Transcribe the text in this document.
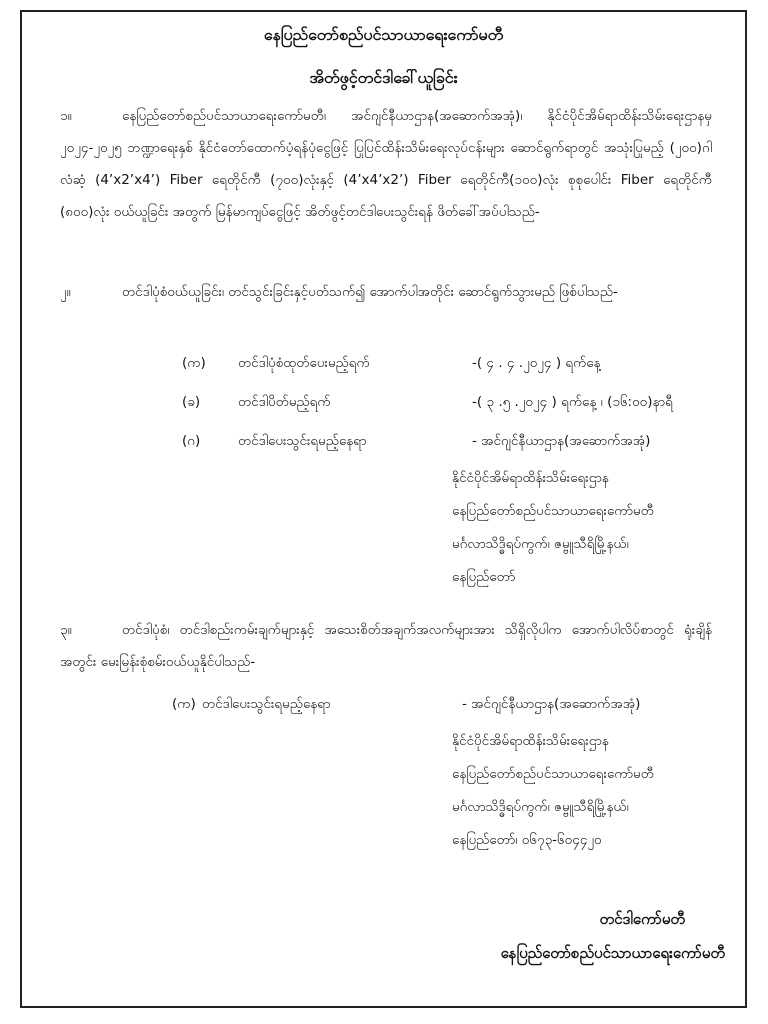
နေပြည်တော်စည်ပင်သာယာရေးကော်မတီ
အိတ်ဖွင့်တင်ဒါခေါ်ယူခြင်း
၁။	နေပြည်တော်စည်ပင်သာယာရေးကော်မတီ၊ အင်ဂျင်နီယာဌာန(အဆောက်အအုံ)၊ နိုင်ငံပိုင်အိမ်ရာထိန်းသိမ်းရေးဌာနမှ ၂၀၂၄-၂၀၂၅ ဘဏ္ဍာရေးနှစ် နိုင်ငံတော်ထောက်ပံ့ရန်ပုံငွေဖြင့် ပြုပြင်ထိန်းသိမ်းရေးလုပ်ငန်းများ ဆောင်ရွက်ရာတွင် အသုံးပြုမည့် (၂၀၀)ဂါလံဆံ့ (4’x2’x4’) Fiber ရေတိုင်ကီ (၇၀၀)လုံးနှင့် (4’x4’x2’) Fiber ရေတိုင်ကီ(၁၀၀)လုံး စုစုပေါင်း Fiber ရေတိုင်ကီ (၈၀၀)လုံး ဝယ်ယူခြင်း အတွက် မြန်မာကျပ်ငွေဖြင့် အိတ်ဖွင့်တင်ဒါပေးသွင်းရန် ဖိတ်ခေါ်အပ်ပါသည်-
၂။	တင်ဒါပုံစံဝယ်ယူခြင်း၊ တင်သွင်းခြင်းနှင့်ပတ်သက်၍ အောက်ပါအတိုင်း ဆောင်ရွက်သွားမည် ဖြစ်ပါသည်-
(က) တင်ဒါပုံစံထုတ်ပေးမည့်ရက်	-( ၄ . ၄ .၂၀၂၄ ) ရက်နေ့
(ခ)	တင်ဒါပိတ်မည့်ရက်	-( ၃ .၅ .၂၀၂၄ ) ရက်နေ့ ၊ (၁၆:၀၀)နာရီ
(ဂ)	တင်ဒါပေးသွင်းရမည့်နေရာ	- အင်ဂျင်နီယာဌာန(အဆောက်အအုံ)
နိုင်ငံပိုင်အိမ်ရာထိန်းသိမ်းရေးဌာန
နေပြည်တော်စည်ပင်သာယာရေးကော်မတီ
မင်္ဂလာသိဒ္ဓိရပ်ကွက်၊ ဇမ္ဗူသီရိမြို့နယ်၊
နေပြည်တော်
၃။	တင်ဒါပုံစံ၊ တင်ဒါစည်းကမ်းချက်များနှင့် အသေးစိတ်အချက်အလက်များအား သိရှိလိုပါက အောက်ပါလိပ်စာတွင် ရုံးချိန်အတွင်း မေးမြန်းစုံစမ်းဝယ်ယူနိုင်ပါသည်-
(က) တင်ဒါပေးသွင်းရမည့်နေရာ	- အင်ဂျင်နီယာဌာန(အဆောက်အအုံ)
နိုင်ငံပိုင်အိမ်ရာထိန်းသိမ်းရေးဌာန
နေပြည်တော်စည်ပင်သာယာရေးကော်မတီ
မင်္ဂလာသိဒ္ဓိရပ်ကွက်၊ ဇမ္ဗူသီရိမြို့နယ်၊
နေပြည်တော်၊ ၀၆၇၃-၆၀၄၄၂၀
တင်ဒါကော်မတီ
နေပြည်တော်စည်ပင်သာယာရေးကော်မတီ
